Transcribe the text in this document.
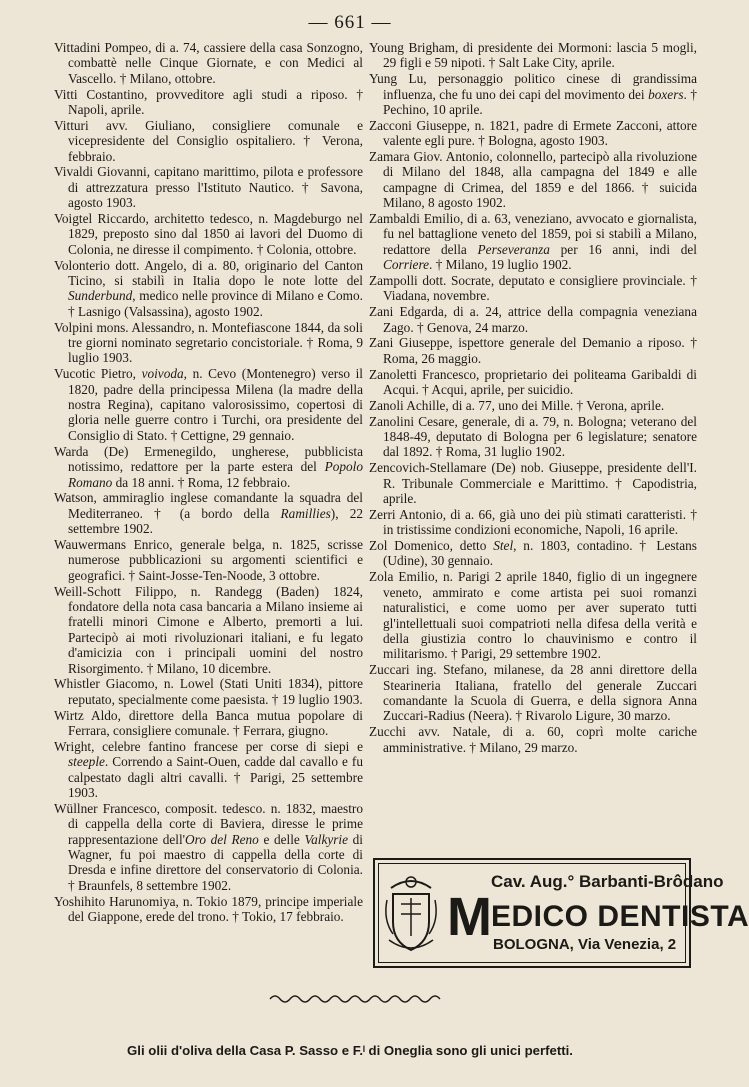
— 661 —

Vittadini Pompeo, di a. 74, cassiere della casa Sonzogno, combattè nelle Cinque Giornate, e con Medici al Vascello. † Milano, ottobre.

Vitti Costantino, provveditore agli studi a riposo. † Napoli, aprile.

Vitturi avv. Giuliano, consigliere comunale e vicepresidente del Consiglio ospitaliero. † Verona, febbraio.

Vivaldi Giovanni, capitano marittimo, pilota e professore di attrezzatura presso l'Istituto Nautico. † Savona, agosto 1903.

Voigtel Riccardo, architetto tedesco, n. Magdeburgo nel 1829, preposto sino dal 1850 ai lavori del Duomo di Colonia, ne diresse il compimento. † Colonia, ottobre.

Volonterio dott. Angelo, di a. 80, originario del Canton Ticino, si stabilì in Italia dopo le note lotte del Sunderbund, medico nelle province di Milano e Como. † Lasnigo (Valsassina), agosto 1902.

Volpini mons. Alessandro, n. Montefiascone 1844, da soli tre giorni nominato segretario concistoriale. † Roma, 9 luglio 1903.

Vucotic Pietro, voivoda, n. Cevo (Montenegro) verso il 1820, padre della principessa Milena (la madre della nostra Regina), capitano valorosissimo, copertosi di gloria nelle guerre contro i Turchi, ora presidente del Consiglio di Stato. † Cettigne, 29 gennaio.

Warda (De) Ermenegildo, ungherese, pubblicista notissimo, redattore per la parte estera del Popolo Romano da 18 anni. † Roma, 12 febbraio.

Watson, ammiraglio inglese comandante la squadra del Mediterraneo. † (a bordo della Ramillies), 22 settembre 1902.

Wauwermans Enrico, generale belga, n. 1825, scrisse numerose pubblicazioni su argomenti scientifici e geografici. † Saint-Josse-Ten-Noode, 3 ottobre.

Weill-Schott Filippo, n. Randegg (Baden) 1824, fondatore della nota casa bancaria a Milano insieme ai fratelli minori Cimone e Alberto, premorti a lui. Partecipò ai moti rivoluzionari italiani, e fu legato d'amicizia con i principali uomini del nostro Risorgimento. † Milano, 10 dicembre.

Whistler Giacomo, n. Lowel (Stati Uniti 1834), pittore reputato, specialmente come paesista. † 19 luglio 1903.

Wirtz Aldo, direttore della Banca mutua popolare di Ferrara, consigliere comunale. † Ferrara, giugno.

Wright, celebre fantino francese per corse di siepi e steeple. Correndo a Saint-Ouen, cadde dal cavallo e fu calpestato dagli altri cavalli. † Parigi, 25 settembre 1903.

Wüllner Francesco, composit. tedesco. n. 1832, maestro di cappella della corte di Baviera, diresse le prime rappresentazione dell'Oro del Reno e delle Valkyrie di Wagner, fu poi maestro di cappella della corte di Dresda e infine direttore del conservatorio di Colonia. † Braunfels, 8 settembre 1902.

Yoshihito Harunomiya, n. Tokio 1879, principe imperiale del Giappone, erede del trono. † Tokio, 17 febbraio.

Young Brigham, di presidente dei Mormoni: lascia 5 mogli, 29 figli e 59 nipoti. † Salt Lake City, aprile.

Yung Lu, personaggio politico cinese di grandissima influenza, che fu uno dei capi del movimento dei boxers. † Pechino, 10 aprile.

Zacconi Giuseppe, n. 1821, padre di Ermete Zacconi, attore valente egli pure. † Bologna, agosto 1903.

Zamara Giov. Antonio, colonnello, partecipò alla rivoluzione di Milano del 1848, alla campagna del 1849 e alle campagne di Crimea, del 1859 e del 1866. † suicida Milano, 8 agosto 1902.

Zambaldi Emilio, di a. 63, veneziano, avvocato e giornalista, fu nel battaglione veneto del 1859, poi si stabilì a Milano, redattore della Perseveranza per 16 anni, indi del Corriere. † Milano, 19 luglio 1902.

Zampolli dott. Socrate, deputato e consigliere provinciale. † Viadana, novembre.

Zani Edgarda, di a. 24, attrice della compagnia veneziana Zago. † Genova, 24 marzo.

Zani Giuseppe, ispettore generale del Demanio a riposo. † Roma, 26 maggio.

Zanoletti Francesco, proprietario dei politeama Garibaldi di Acqui. † Acqui, aprile, per suicidio.

Zanoli Achille, di a. 77, uno dei Mille. † Verona, aprile.

Zanolini Cesare, generale, di a. 79, n. Bologna; veterano del 1848-49, deputato di Bologna per 6 legislature; senatore dal 1892. † Roma, 31 luglio 1902.

Zencovich-Stellamare (De) nob. Giuseppe, presidente dell'I. R. Tribunale Commerciale e Marittimo. † Capodistria, aprile.

Zerri Antonio, di a. 66, già uno dei più stimati caratteristi. † in tristissime condizioni economiche, Napoli, 16 aprile.

Zol Domenico, detto Stel, n. 1803, contadino. † Lestans (Udine), 30 gennaio.

Zola Emilio, n. Parigi 2 aprile 1840, figlio di un ingegnere veneto, ammirato e come artista pei suoi romanzi naturalistici, e come uomo per aver superato tutti gl'intellettuali suoi compatrioti nella difesa della verità e della giustizia contro lo chauvinismo e contro il militarismo. † Parigi, 29 settembre 1902.

Zuccari ing. Stefano, milanese, da 28 anni direttore della Stearineria Italiana, fratello del generale Zuccari comandante la Scuola di Guerra, e della signora Anna Zuccari-Radius (Neera). † Rivarolo Ligure, 30 marzo.

Zucchi avv. Natale, di a. 60, coprì molte cariche amministrative. † Milano, 29 marzo.

Cav. Aug.° Barbanti-Brôdano
M EDICO DENTISTA
BOLOGNA, Via Venezia, 2
Gli olii d'oliva della Casa P. Sasso e F.ˡ di Oneglia sono gli unici perfetti.
